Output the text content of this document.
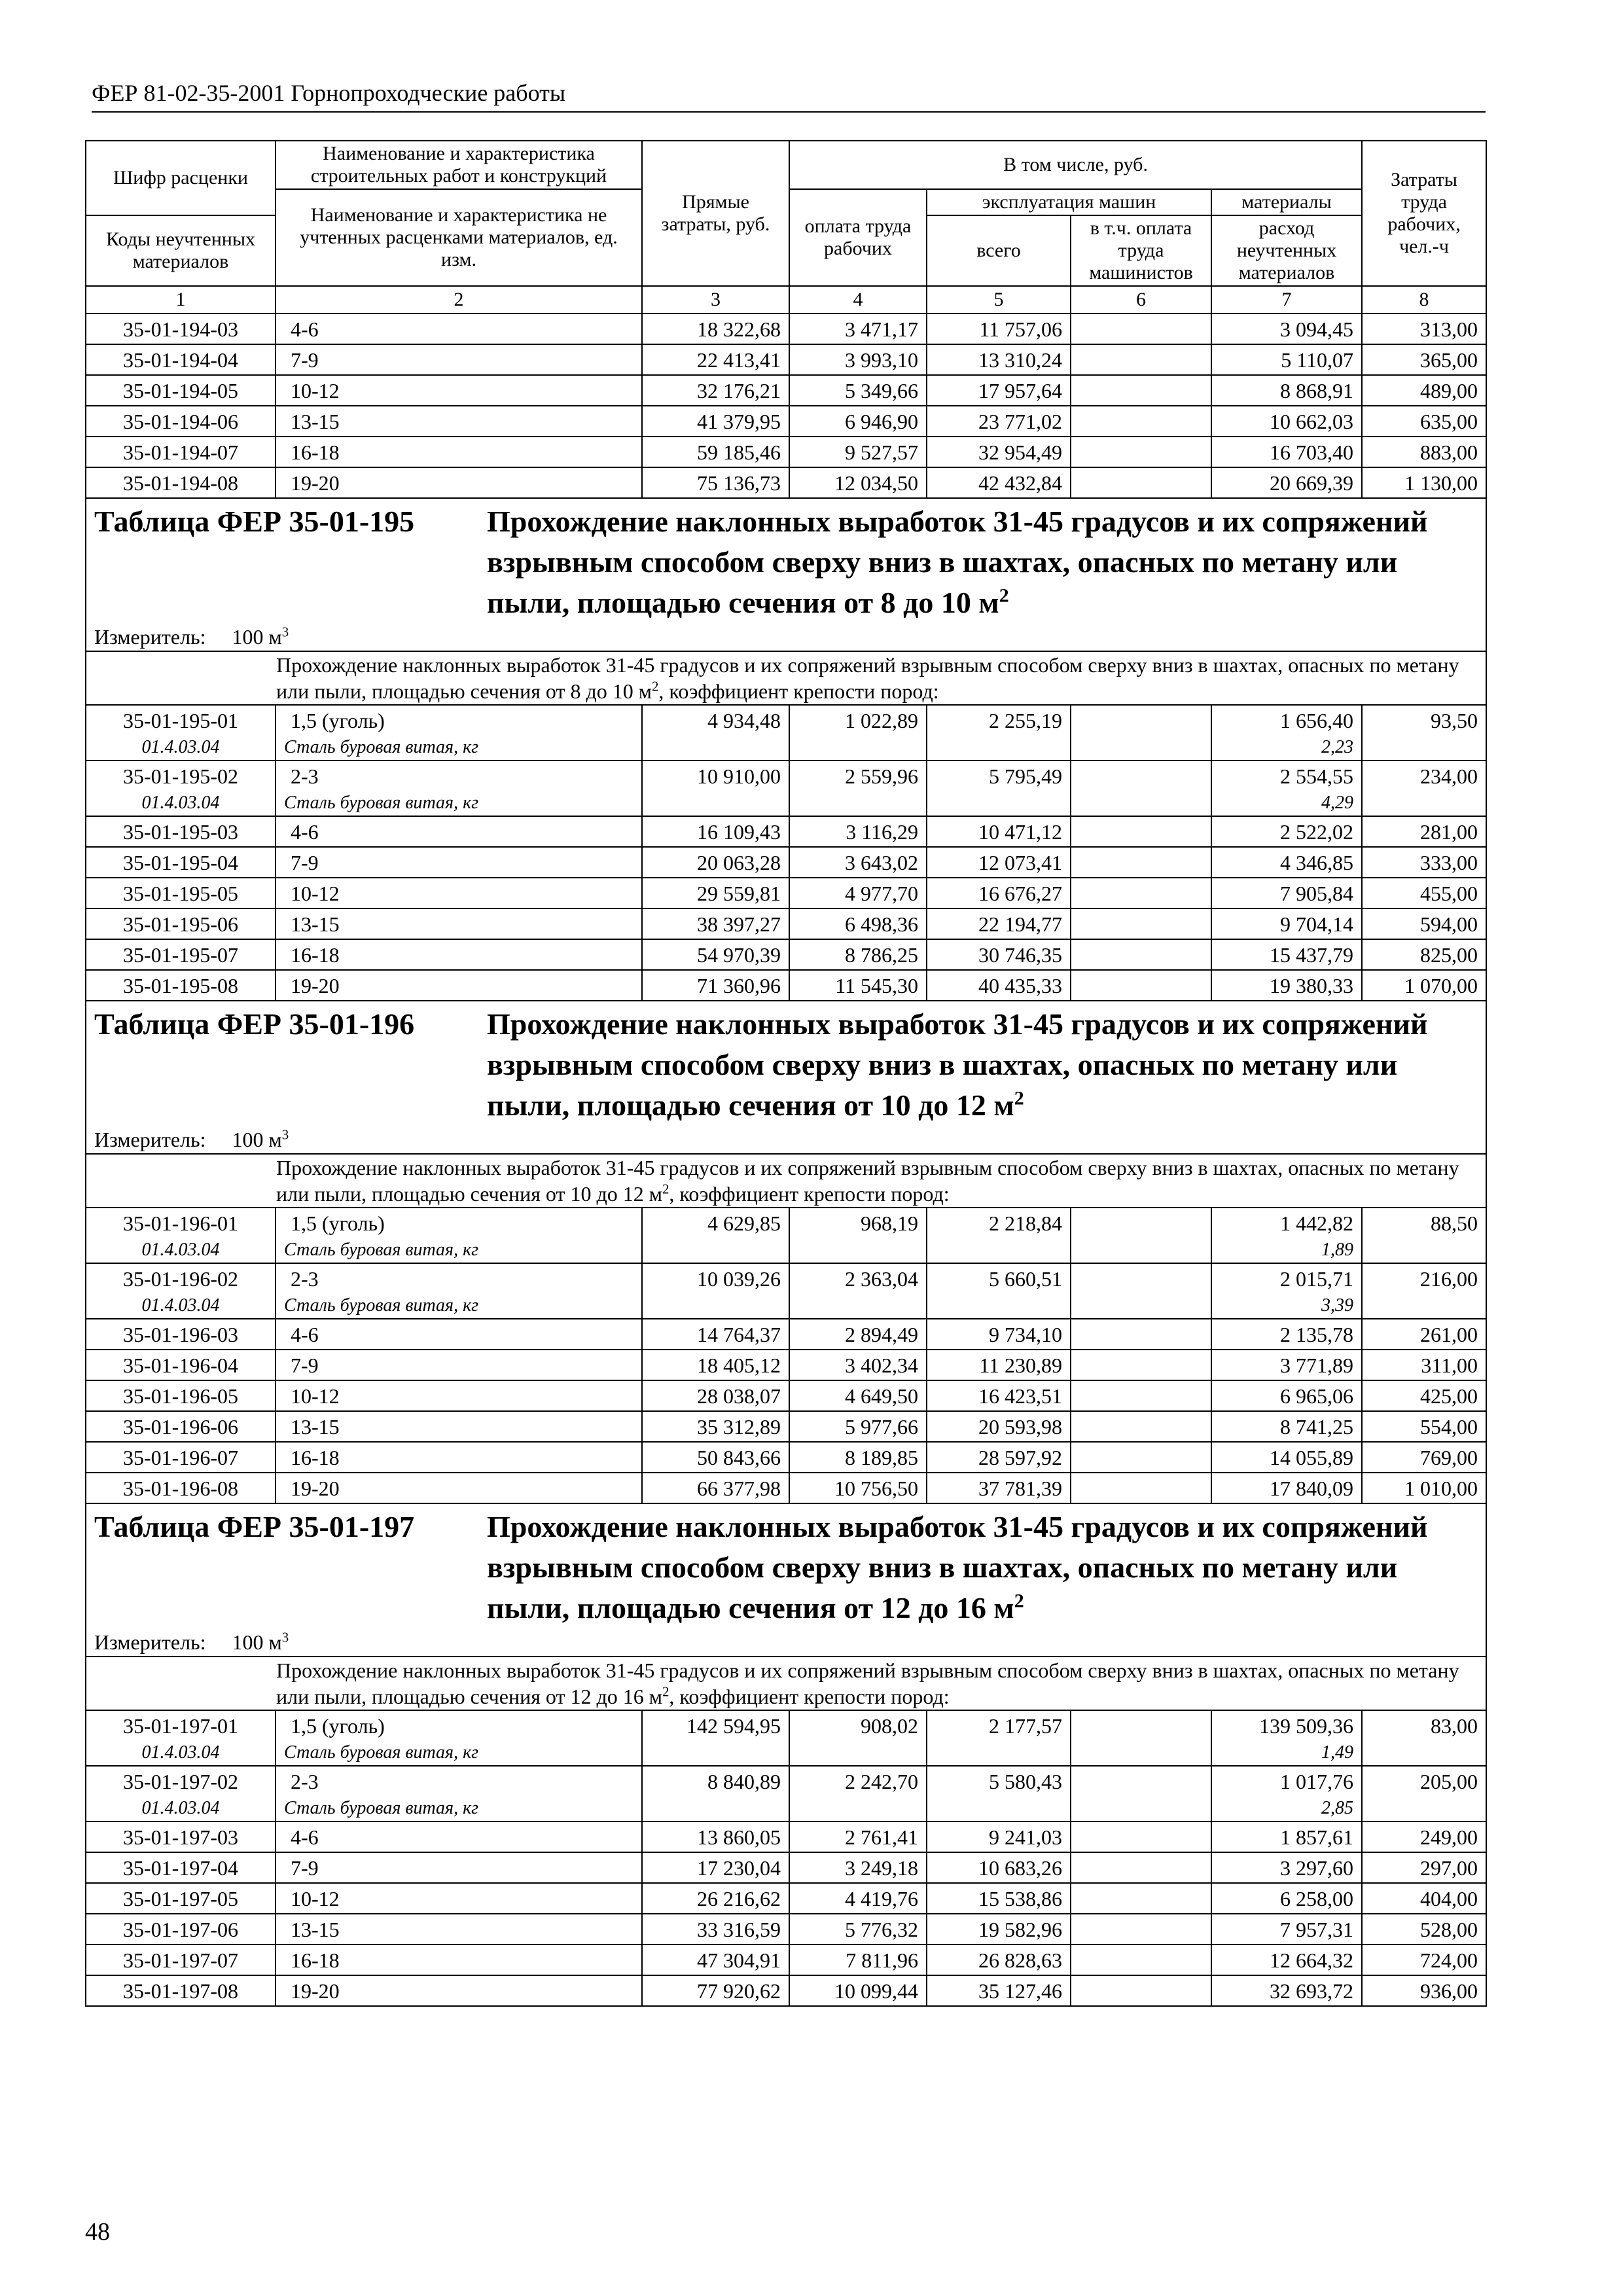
ФЕР 81-02-35-2001 Горнопроходческие работы
Шифр расценки	Наименование и характеристика строительных работ и конструкций	Прямые затраты, руб.	В том числе, руб.				Затраты труда рабочих, чел.-ч
	Наименование и характеристика не учтенных расценками материалов, ед. изм.		оплата труда рабочих	эксплуатация машин		материалы	
Коды неучтенных материалов				всего	в т.ч. оплата труда машинистов	расход неучтенных материалов	

1	2	3	4	5	6	7	8
35-01-194-03	4-6	18 322,68	3 471,17	11 757,06		3 094,45	313,00
35-01-194-04	7-9	22 413,41	3 993,10	13 310,24		5 110,07	365,00
35-01-194-05	10-12	32 176,21	5 349,66	17 957,64		8 868,91	489,00
35-01-194-06	13-15	41 379,95	6 946,90	23 771,02		10 662,03	635,00
35-01-194-07	16-18	59 185,46	9 527,57	32 954,49		16 703,40	883,00
35-01-194-08	19-20	75 136,73	12 034,50	42 432,84		20 669,39	1 130,00

Таблица ФЕР 35-01-195 Прохождение наклонных выработок 31-45 градусов и их сопряжений взрывным способом сверху вниз в шахтах, опасных по метану или пыли, площадью сечения от 8 до 10 $м^2$

Измеритель: 100 $м^3$
Прохождение наклонных выработок 31-45 градусов и их сопряжений взрывным способом сверху вниз в шахтах, опасных по метану или пыли, площадью сечения от 8 до 10 $м^2$, коэффициент крепости пород:							
35-01-195-01	1,5 (уголь)	4 934,48	1 022,89	2 255,19		1 656,40	93,50
01.4.03.04	Сталь буровая витая, кг					2,23	
35-01-195-02	2-3	10 910,00	2 559,96	5 795,49		2 554,55	234,00
01.4.03.04	Сталь буровая витая, кг					4,29	
35-01-195-03	4-6	16 109,43	3 116,29	10 471,12		2 522,02	281,00
35-01-195-04	7-9	20 063,28	3 643,02	12 073,41		4 346,85	333,00
35-01-195-05	10-12	29 559,81	4 977,70	16 676,27		7 905,84	455,00
35-01-195-06	13-15	38 397,27	6 498,36	22 194,77		9 704,14	594,00
35-01-195-07	16-18	54 970,39	8 786,25	30 746,35		15 437,79	825,00
35-01-195-08	19-20	71 360,96	11 545,30	40 435,33		19 380,33	1 070,00

Таблица ФЕР 35-01-196 Прохождение наклонных выработок 31-45 градусов и их сопряжений взрывным способом сверху вниз в шахтах, опасных по метану или пыли, площадью сечения от 10 до 12 $м^2$

Измеритель: 100 $м^3$
Прохождение наклонных выработок 31-45 градусов и их сопряжений взрывным способом сверху вниз в шахтах, опасных по метану или пыли, площадью сечения от 10 до 12 $м^2$, коэффициент крепости пород:							
35-01-196-01	1,5 (уголь)	4 629,85	968,19	2 218,84		1 442,82	88,50
01.4.03.04	Сталь буровая витая, кг					1,89	
35-01-196-02	2-3	10 039,26	2 363,04	5 660,51		2 015,71	216,00
01.4.03.04	Сталь буровая витая, кг					3,39	
35-01-196-03	4-6	14 764,37	2 894,49	9 734,10		2 135,78	261,00
35-01-196-04	7-9	18 405,12	3 402,34	11 230,89		3 771,89	311,00
35-01-196-05	10-12	28 038,07	4 649,50	16 423,51		6 965,06	425,00
35-01-196-06	13-15	35 312,89	5 977,66	20 593,98		8 741,25	554,00
35-01-196-07	16-18	50 843,66	8 189,85	28 597,92		14 055,89	769,00
35-01-196-08	19-20	66 377,98	10 756,50	37 781,39		17 840,09	1 010,00

Таблица ФЕР 35-01-197 Прохождение наклонных выработок 31-45 градусов и их сопряжений взрывным способом сверху вниз в шахтах, опасных по метану или пыли, площадью сечения от 12 до 16 $м^2$

Измеритель: 100 $м^3$
Прохождение наклонных выработок 31-45 градусов и их сопряжений взрывным способом сверху вниз в шахтах, опасных по метану или пыли, площадью сечения от 12 до 16 $м^2$, коэффициент крепости пород:							
35-01-197-01	1,5 (уголь)	142 594,95	908,02	2 177,57		139 509,36	83,00
01.4.03.04	Сталь буровая витая, кг					1,49	
35-01-197-02	2-3	8 840,89	2 242,70	5 580,43		1 017,76	205,00
01.4.03.04	Сталь буровая витая, кг					2,85	
35-01-197-03	4-6	13 860,05	2 761,41	9 241,03		1 857,61	249,00
35-01-197-04	7-9	17 230,04	3 249,18	10 683,26		3 297,60	297,00
35-01-197-05	10-12	26 216,62	4 419,76	15 538,86		6 258,00	404,00
35-01-197-06	13-15	33 316,59	5 776,32	19 582,96		7 957,31	528,00
35-01-197-07	16-18	47 304,91	7 811,96	26 828,63		12 664,32	724,00
35-01-197-08	19-20	77 920,62	10 099,44	35 127,46		32 693,72	936,00
48
